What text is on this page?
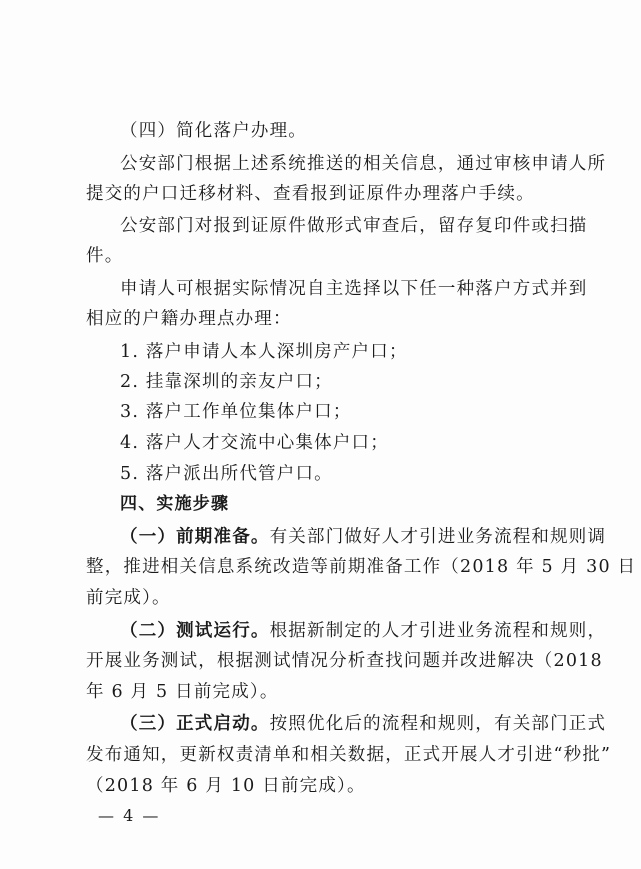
（四）简化落户办理。
公安部门根据上述系统推送的相关信息，通过审核申请人所
提交的户口迁移材料、查看报到证原件办理落户手续。
公安部门对报到证原件做形式审查后，留存复印件或扫描
件。
申请人可根据实际情况自主选择以下任一种落户方式并到
相应的户籍办理点办理：
1. 落户申请人本人深圳房产户口；
2. 挂靠深圳的亲友户口；
3. 落户工作单位集体户口；
4. 落户人才交流中心集体户口；
5. 落户派出所代管户口。
四、实施步骤
（一）前期准备。有关部门做好人才引进业务流程和规则调
整，推进相关信息系统改造等前期准备工作（2018 年 5 月 30 日
前完成）。
（二）测试运行。根据新制定的人才引进业务流程和规则，
开展业务测试，根据测试情况分析查找问题并改进解决（2018
年 6 月 5 日前完成）。
（三）正式启动。按照优化后的流程和规则，有关部门正式
发布通知，更新权责清单和相关数据，正式开展人才引进“秒批”
（2018 年 6 月 10 日前完成）。
— 4 —
